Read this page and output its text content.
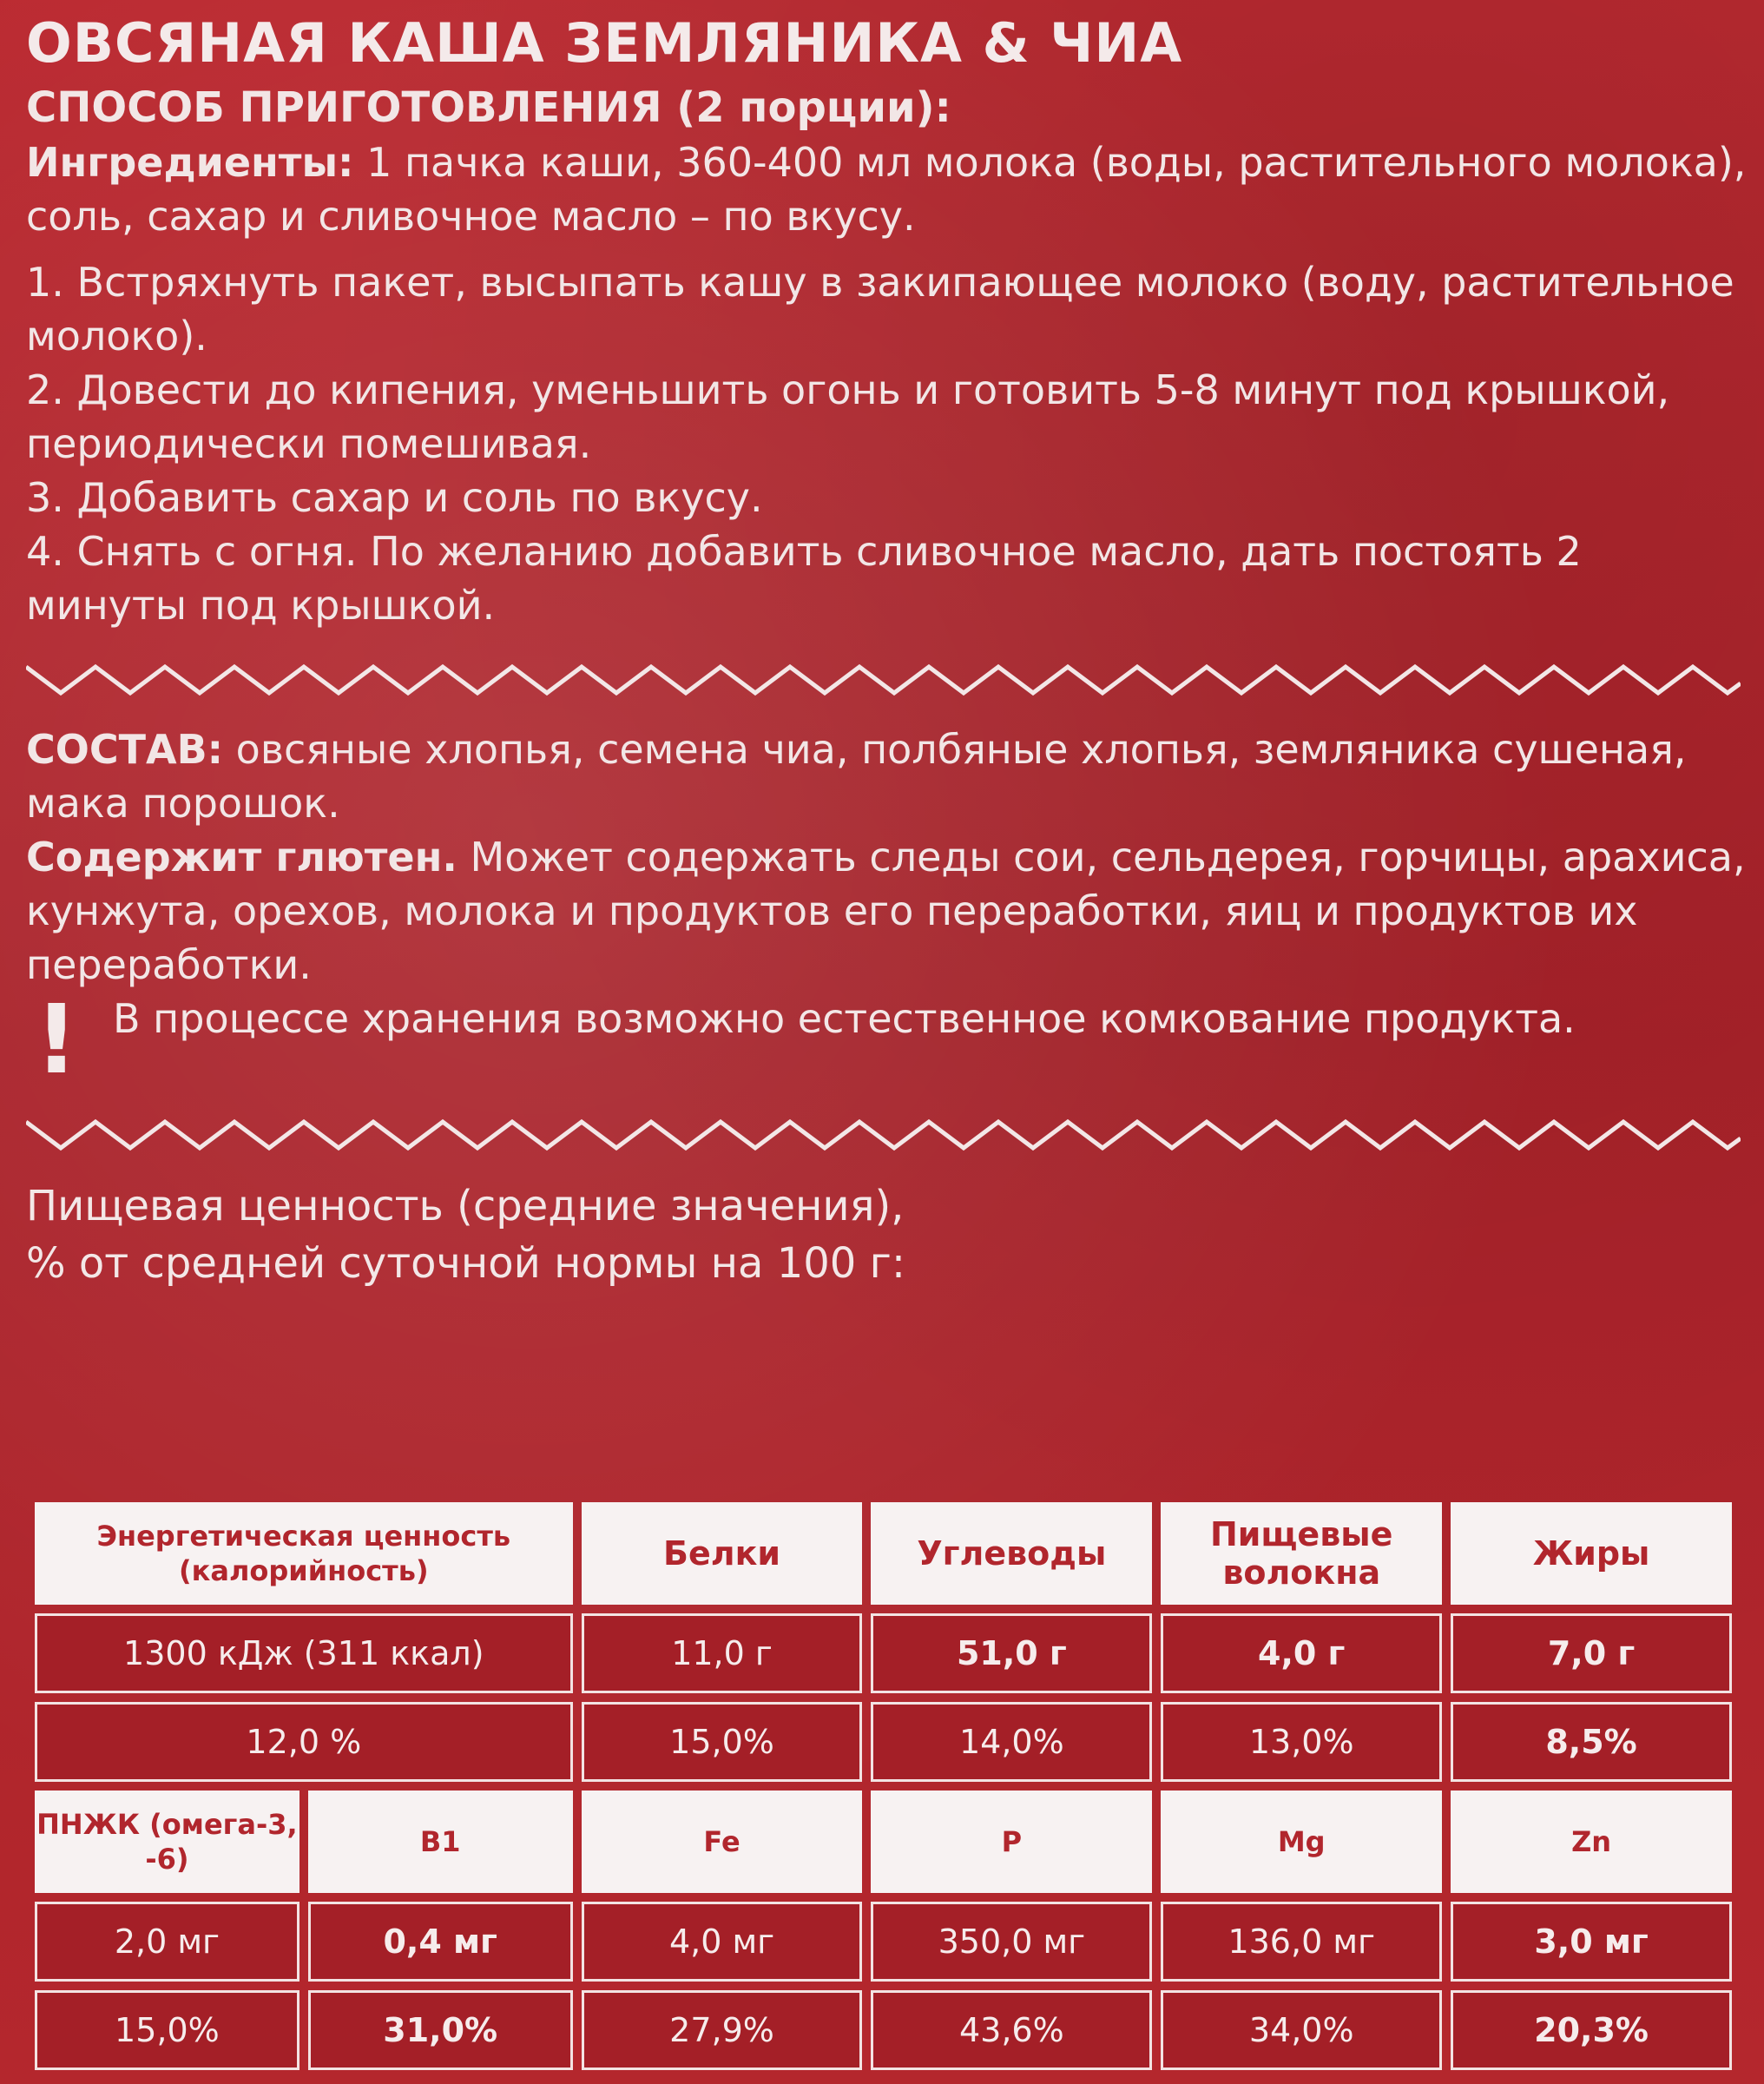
ОВСЯНАЯ КАША ЗЕМЛЯНИКА & ЧИА
СПОСОБ ПРИГОТОВЛЕНИЯ (2 порции):
Ингредиенты: 1 пачка каши, 360-400 мл молока (воды, растительного молока), соль, сахар и сливочное масло – по вкусу.
1. Встряхнуть пакет, высыпать кашу в закипающее молоко (воду, растительное молоко).
2. Довести до кипения, уменьшить огонь и готовить 5-8 минут под крышкой, периодически помешивая.
3. Добавить сахар и соль по вкусу.
4. Снять с огня. По желанию добавить сливочное масло, дать постоять 2 минуты под крышкой.
СОСТАВ: овсяные хлопья, семена чиа, полбяные хлопья, земляника сушеная, мака порошок.
Содержит глютен. Может содержать следы сои, сельдерея, горчицы, арахиса, кунжута, орехов, молока и продуктов его переработки, яиц и продуктов их переработки.
! В процессе хранения возможно естественное комкование продукта.
Пищевая ценность (средние значения),
% от средней суточной нормы на 100 г:
Энергетическая ценность (калорийность)		Белки	Углеводы	Пищевые волокна	Жиры
1300 кДж (311 ккал)		11,0 г	51,0 г	4,0 г	7,0 г
12,0 %		15,0%	14,0%	13,0%	8,5%
ПНЖК (омега-3, -6)	B1	Fe	P	Mg	Zn
2,0 мг	0,4 мг	4,0 мг	350,0 мг	136,0 мг	3,0 мг
15,0%	31,0%	27,9%	43,6%	34,0%	20,3%
